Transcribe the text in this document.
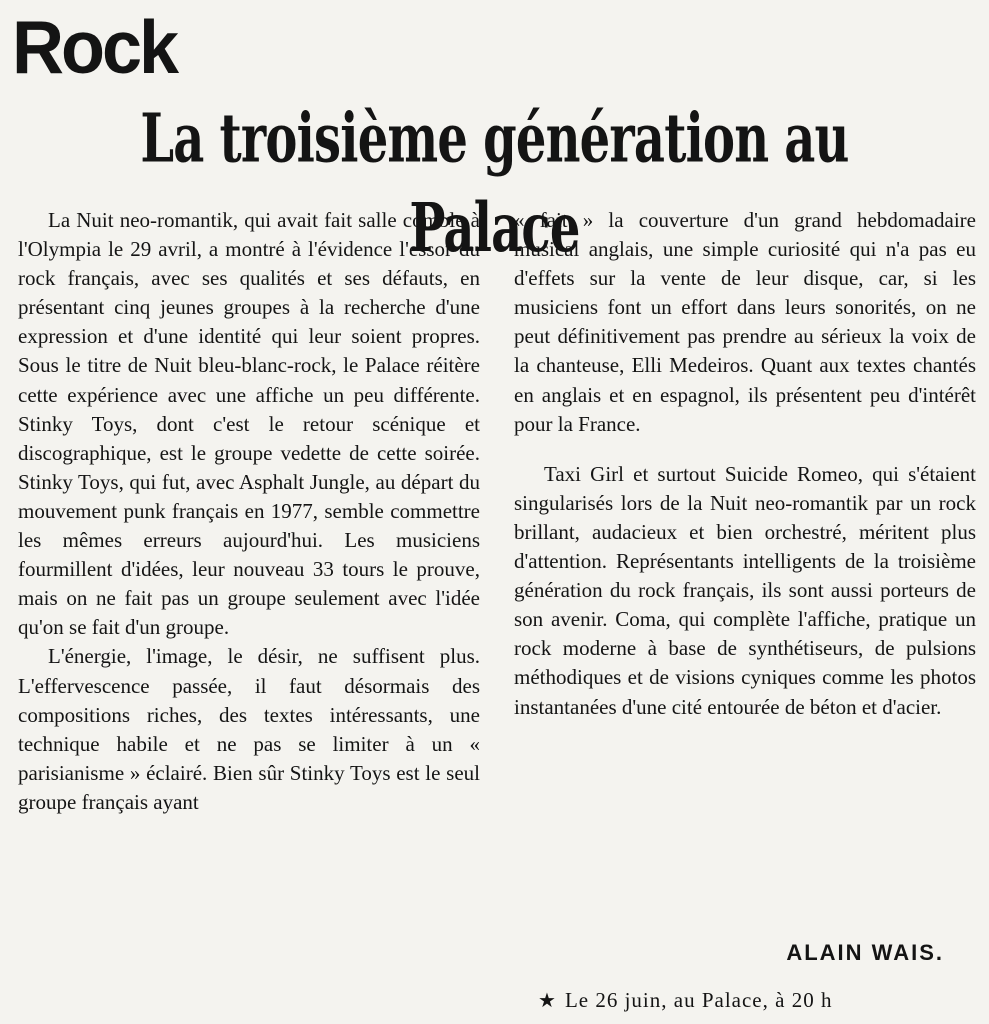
Rock
La troisième génération au Palace

La Nuit neo-romantik, qui avait fait salle comble à l'Olympia le 29 avril, a montré à l'évidence l'essor du rock français, avec ses qualités et ses défauts, en présentant cinq jeunes groupes à la recherche d'une expression et d'une identité qui leur soient propres. Sous le titre de Nuit bleu-blanc-rock, le Palace réitère cette expérience avec une affiche un peu différente. Stinky Toys, dont c'est le retour scénique et discographique, est le groupe vedette de cette soirée. Stinky Toys, qui fut, avec Asphalt Jungle, au départ du mouvement punk français en 1977, semble commettre les mêmes erreurs aujourd'hui. Les musiciens fourmillent d'idées, leur nouveau 33 tours le prouve, mais on ne fait pas un groupe seulement avec l'idée qu'on se fait d'un groupe.

L'énergie, l'image, le désir, ne suffisent plus. L'effervescence passée, il faut désormais des compositions riches, des textes intéressants, une technique habile et ne pas se limiter à un « parisianisme » éclairé. Bien sûr Stinky Toys est le seul groupe français ayant

« fait » la couverture d'un grand hebdomadaire musical anglais, une simple curiosité qui n'a pas eu d'effets sur la vente de leur disque, car, si les musiciens font un effort dans leurs sonorités, on ne peut définitivement pas prendre au sérieux la voix de la chanteuse, Elli Medeiros. Quant aux textes chantés en anglais et en espagnol, ils présentent peu d'intérêt pour la France.

Taxi Girl et surtout Suicide Romeo, qui s'étaient singularisés lors de la Nuit neo-romantik par un rock brillant, audacieux et bien orchestré, méritent plus d'attention. Représentants intelligents de la troisième génération du rock français, ils sont aussi porteurs de son avenir. Coma, qui complète l'affiche, pratique un rock moderne à base de synthétiseurs, de pulsions méthodiques et de visions cyniques comme les photos instantanées d'une cité entourée de béton et d'acier.

ALAIN WAIS.
★ Le 26 juin, au Palace, à 20 h
